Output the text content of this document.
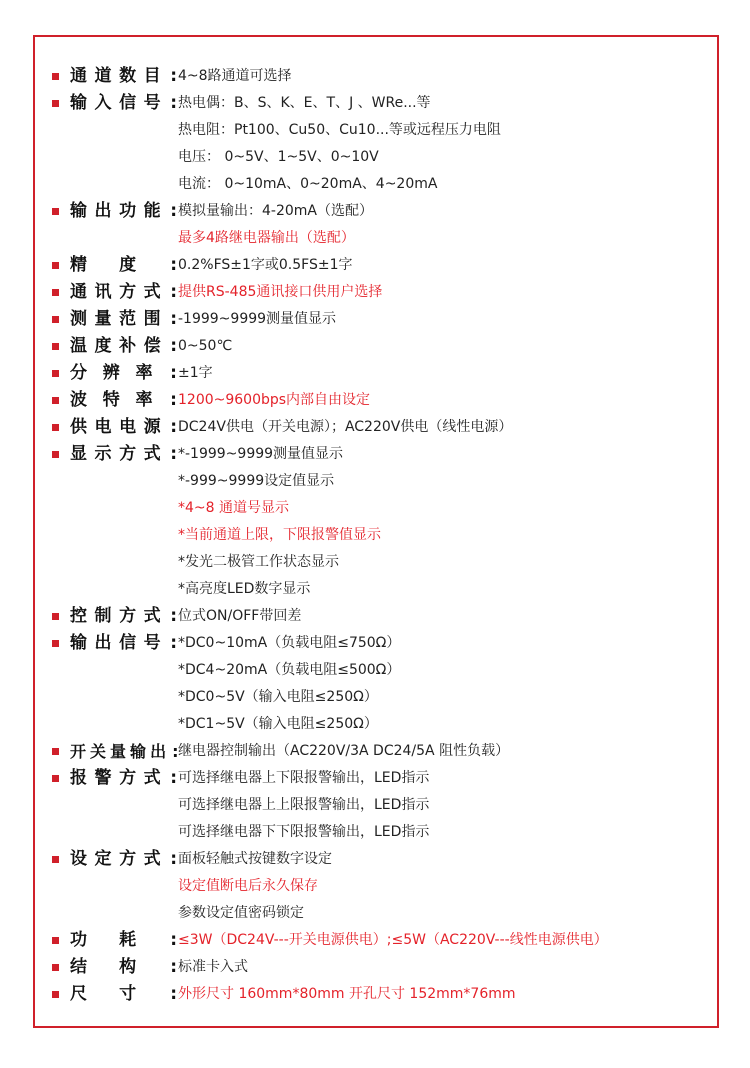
通 道 数 目 : 4~8路通道可选择
输 入 信 号 : 热电偶：B、S、K、E、T、J 、WRe...等
热电阻：Pt100、Cu50、Cu10...等或远程压力电阻
电压： 0~5V、1~5V、0~10V
电流： 0~10mA、0~20mA、4~20mA
输 出 功 能 : 模拟量输出：4-20mA（选配）
最多4路继电器输出（选配）
精 度 : 0.2%FS±1字或0.5FS±1字
通 讯 方 式 : 提供RS-485通讯接口供用户选择
测 量 范 围 : -1999~9999测量值显示
温 度 补 偿 : 0~50℃
分 辨 率 : ±1字
波 特 率 : 1200~9600bps内部自由设定
供 电 电 源 : DC24V供电（开关电源）；AC220V供电（线性电源）
显 示 方 式 : *-1999~9999测量值显示
*-999~9999设定值显示
*4~8 通道号显示
*当前通道上限，下限报警值显示
*发光二极管工作状态显示
*高亮度LED数字显示
控 制 方 式 : 位式ON/OFF带回差
输 出 信 号 : *DC0~10mA（负载电阻≤750Ω）
*DC4~20mA（负载电阻≤500Ω）
*DC0~5V（输入电阻≤250Ω）
*DC1~5V（输入电阻≤250Ω）
开 关 量 输 出 : 继电器控制输出（AC220V/3A DC24/5A 阻性负载）
报 警 方 式 : 可选择继电器上下限报警输出，LED指示
可选择继电器上上限报警输出，LED指示
可选择继电器下下限报警输出，LED指示
设 定 方 式 : 面板轻触式按键数字设定
设定值断电后永久保存
参数设定值密码锁定
功 耗 : ≤3W（DC24V---开关电源供电）;≤5W（AC220V---线性电源供电）
结 构 : 标准卡入式
尺 寸 : 外形尺寸 160mm*80mm 开孔尺寸 152mm*76mm
